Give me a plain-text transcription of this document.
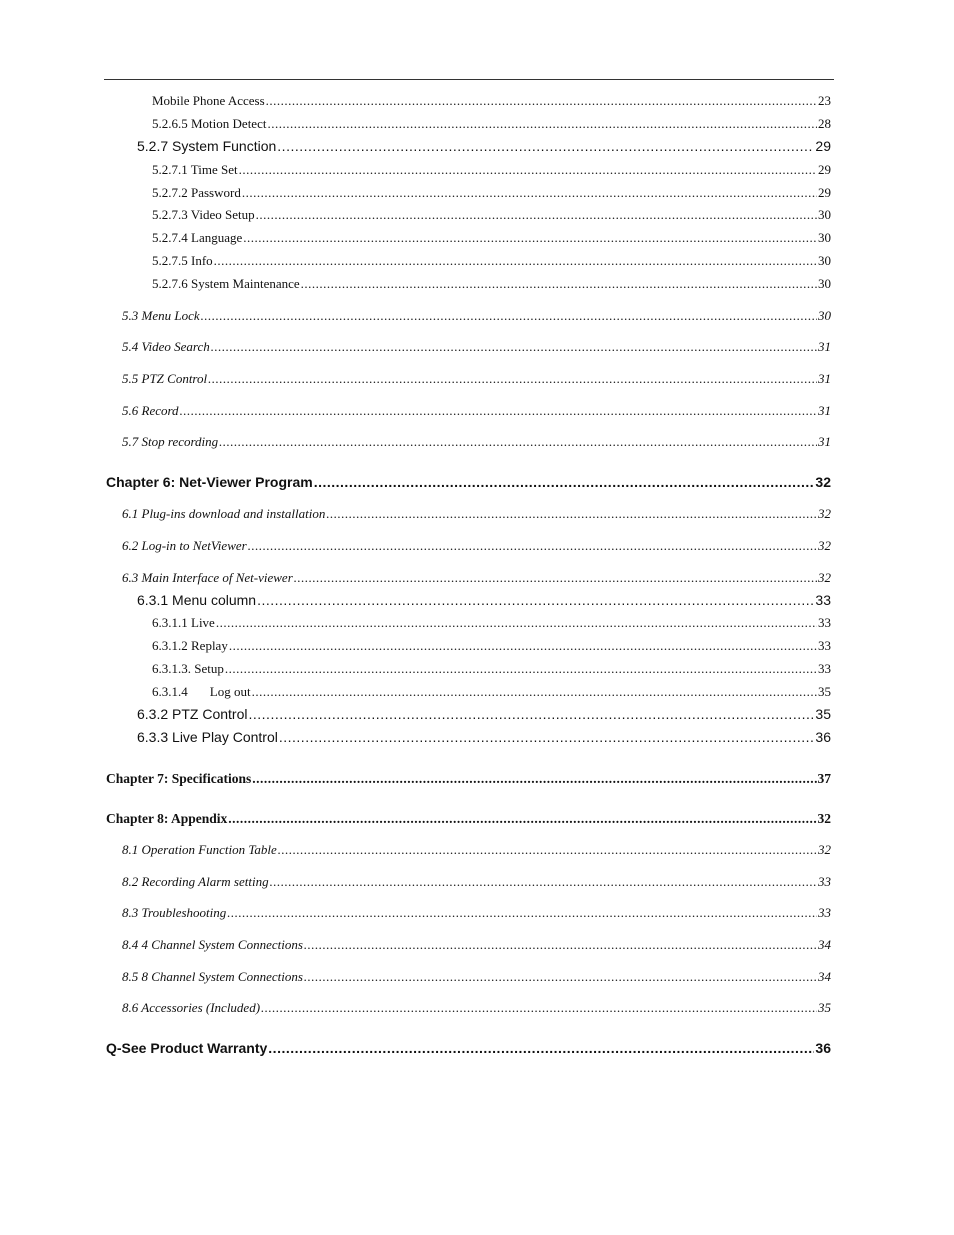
Mobile Phone Access .....	23
5.2.6.5 Motion Detect .....	28
5.2.7 System Function .....	29
5.2.7.1 Time Set .....	29
5.2.7.2 Password .....	29
5.2.7.3 Video Setup .....	30
5.2.7.4 Language .....	30
5.2.7.5 Info .....	30
5.2.7.6 System Maintenance .....	30
5.3 Menu Lock .....	30
5.4 Video Search .....	31
5.5 PTZ Control .....	31
5.6 Record .....	31
5.7 Stop recording .....	31
Chapter 6: Net-Viewer Program .....	32
6.1 Plug-ins download and installation .....	32
6.2 Log-in to NetViewer .....	32
6.3 Main Interface of Net-viewer .....	32
6.3.1 Menu column .....	33
6.3.1.1 Live .....	33
6.3.1.2 Replay .....	33
6.3.1.3. Setup .....	33
6.3.1.4 Log out .....	35
6.3.2 PTZ Control .....	35
6.3.3 Live Play Control .....	36
Chapter 7: Specifications .....	37
Chapter 8: Appendix .....	32
8.1 Operation Function Table .....	32
8.2 Recording Alarm setting .....	33
8.3 Troubleshooting .....	33
8.4 4 Channel System Connections .....	34
8.5 8 Channel System Connections .....	34
8.6 Accessories (Included) .....	35
Q-See Product Warranty .....	36
